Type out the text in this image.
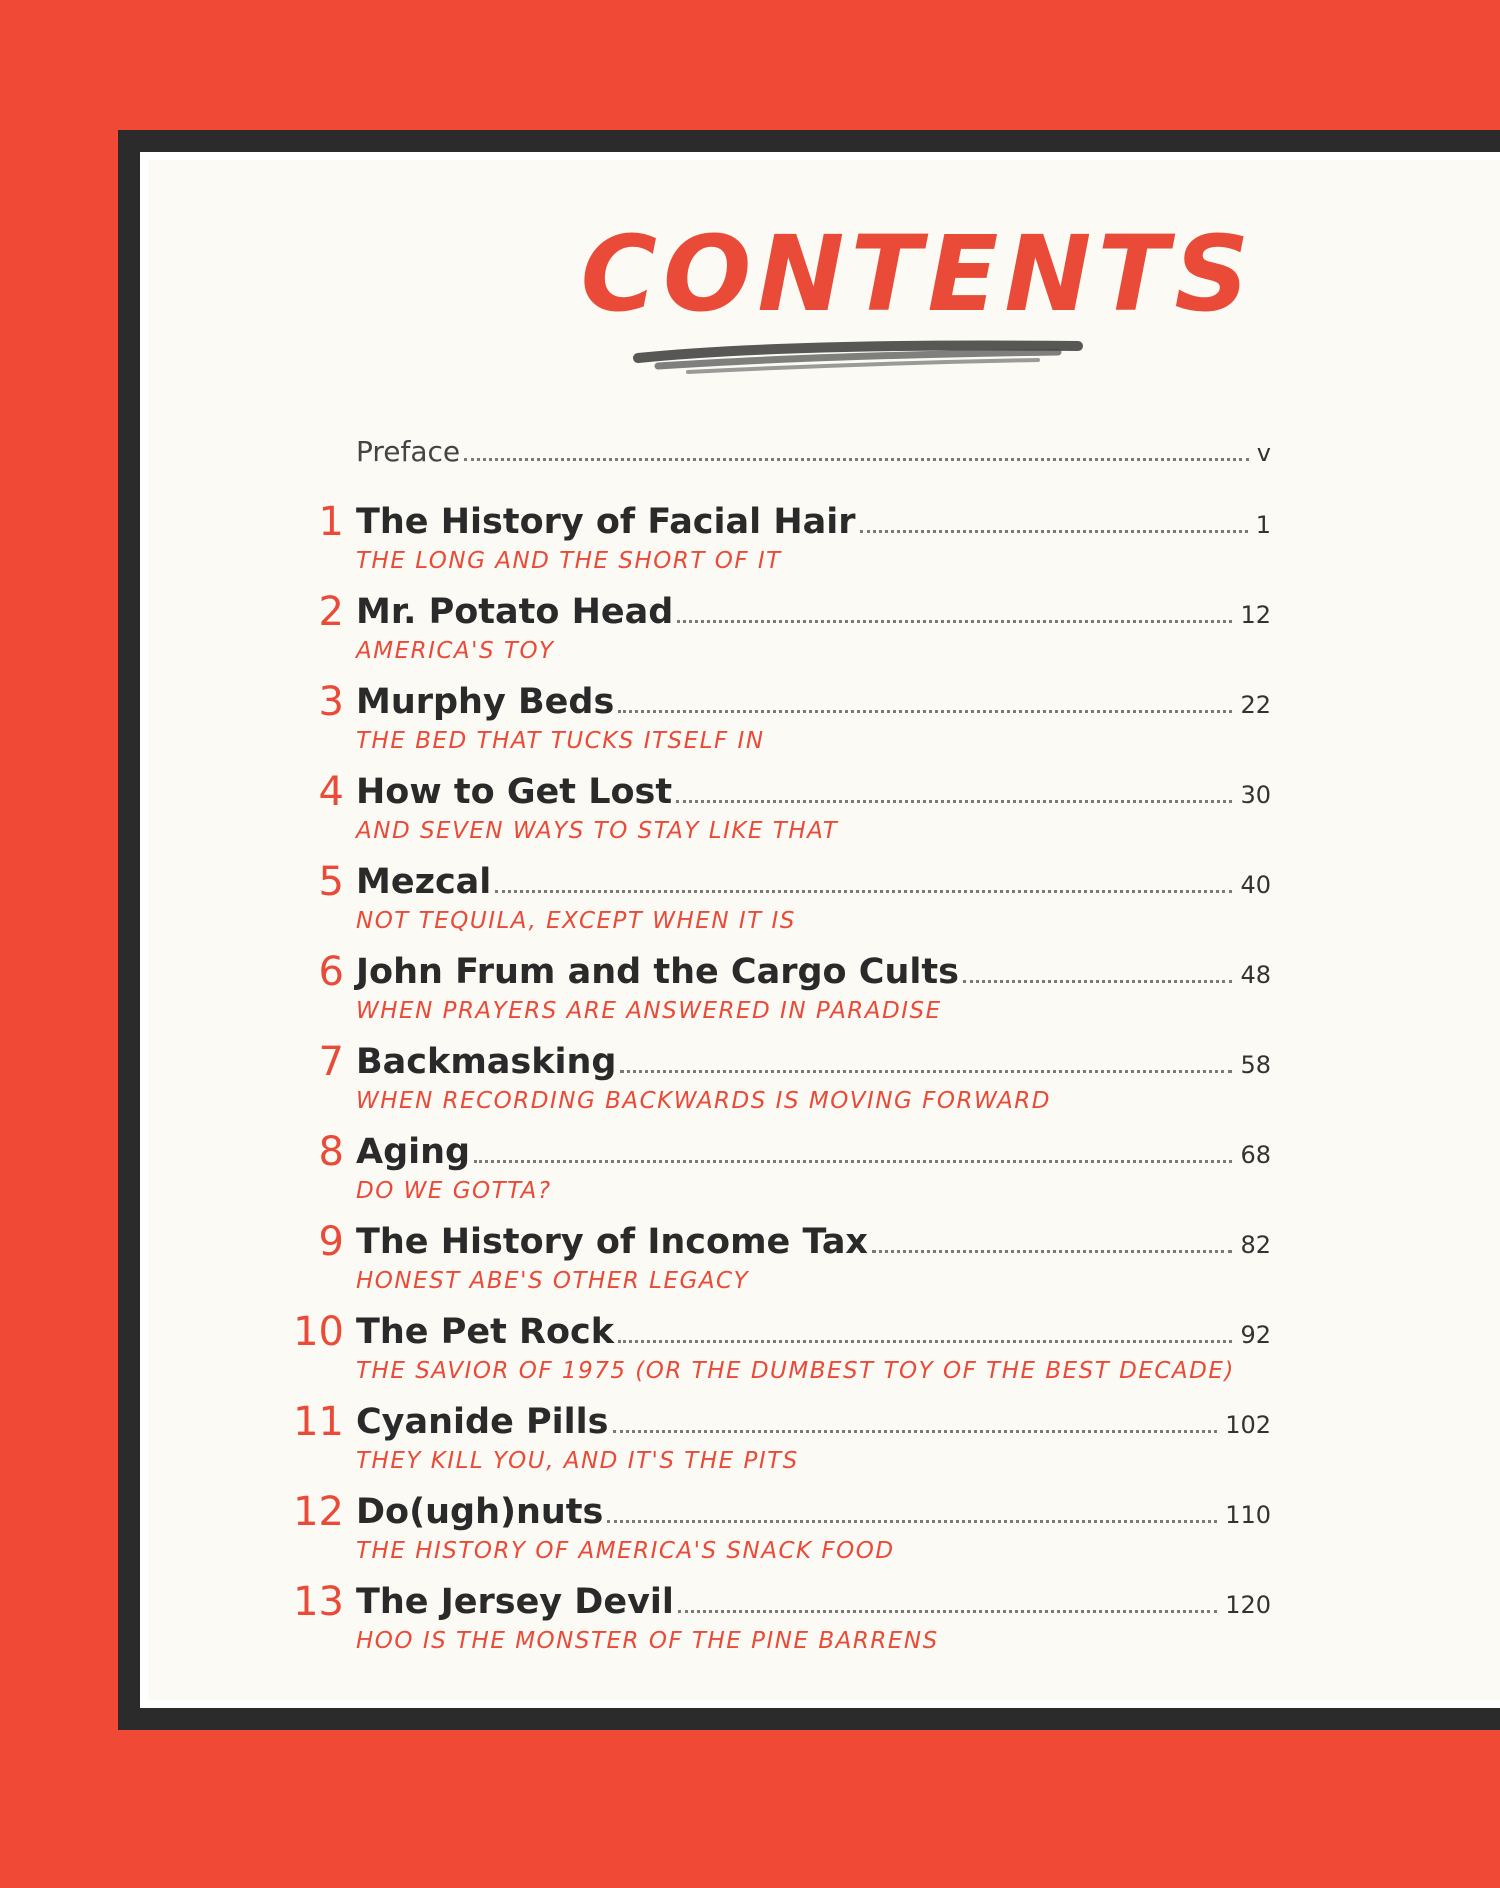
CONTENTS
Preface	v
1 The History of Facial Hair	1
THE LONG AND THE SHORT OF IT
2 Mr. Potato Head	12
AMERICA'S TOY
3 Murphy Beds	22
THE BED THAT TUCKS ITSELF IN
4 How to Get Lost	30
AND SEVEN WAYS TO STAY LIKE THAT
5 Mezcal	40
NOT TEQUILA, EXCEPT WHEN IT IS
6 John Frum and the Cargo Cults	48
WHEN PRAYERS ARE ANSWERED IN PARADISE
7 Backmasking	58
WHEN RECORDING BACKWARDS IS MOVING FORWARD
8 Aging	68
DO WE GOTTA?
9 The History of Income Tax	82
HONEST ABE'S OTHER LEGACY
10 The Pet Rock	92
THE SAVIOR OF 1975 (OR THE DUMBEST TOY OF THE BEST DECADE)
11 Cyanide Pills	102
THEY KILL YOU, AND IT'S THE PITS
12 Do(ugh)nuts	110
THE HISTORY OF AMERICA'S SNACK FOOD
13 The Jersey Devil	120
HOO IS THE MONSTER OF THE PINE BARRENS
